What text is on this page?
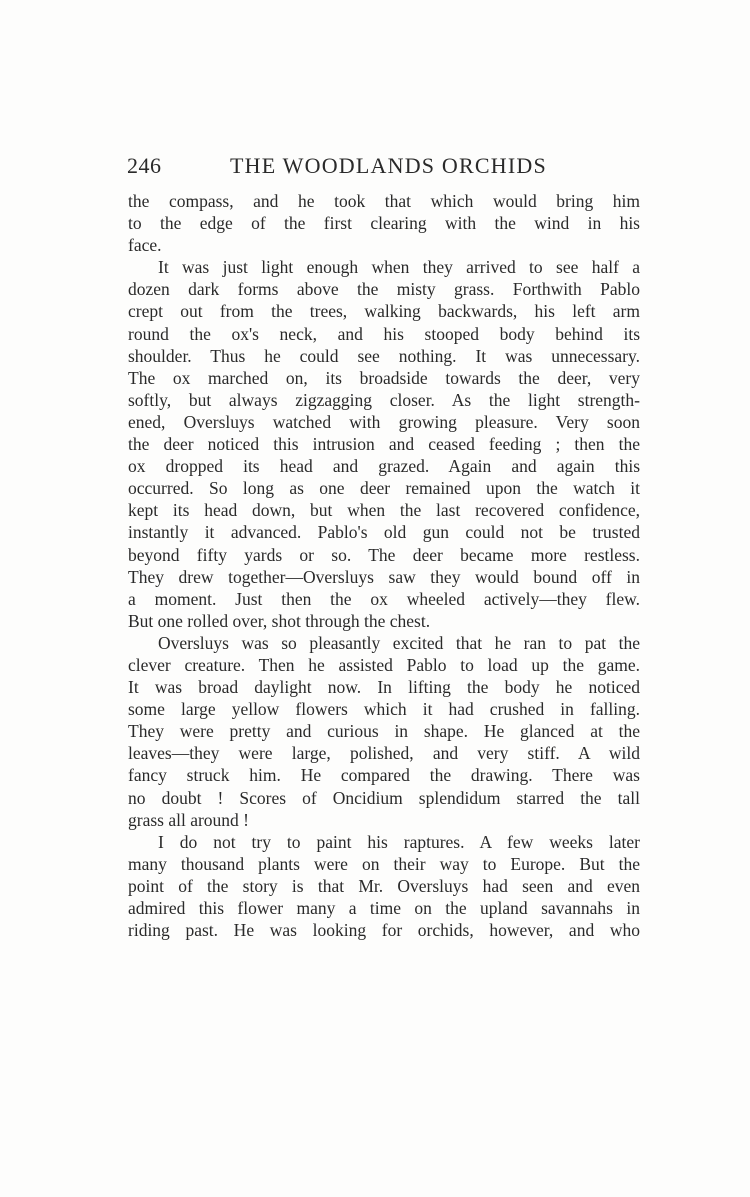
246	THE WOODLANDS ORCHIDS
the compass, and he took that which would bring him
to the edge of the first clearing with the wind in his
face.
It was just light enough when they arrived to see half a
dozen dark forms above the misty grass. Forthwith Pablo
crept out from the trees, walking backwards, his left arm
round the ox's neck, and his stooped body behind its
shoulder. Thus he could see nothing. It was unnecessary.
The ox marched on, its broadside towards the deer, very
softly, but always zigzagging closer. As the light strength-
ened, Oversluys watched with growing pleasure. Very soon
the deer noticed this intrusion and ceased feeding ; then the
ox dropped its head and grazed. Again and again this
occurred. So long as one deer remained upon the watch it
kept its head down, but when the last recovered confidence,
instantly it advanced. Pablo's old gun could not be trusted
beyond fifty yards or so. The deer became more restless.
They drew together—Oversluys saw they would bound off in
a moment. Just then the ox wheeled actively—they flew.
But one rolled over, shot through the chest.
Oversluys was so pleasantly excited that he ran to pat the
clever creature. Then he assisted Pablo to load up the game.
It was broad daylight now. In lifting the body he noticed
some large yellow flowers which it had crushed in falling.
They were pretty and curious in shape. He glanced at the
leaves—they were large, polished, and very stiff. A wild
fancy struck him. He compared the drawing. There was
no doubt ! Scores of Oncidium splendidum starred the tall
grass all around !
I do not try to paint his raptures. A few weeks later
many thousand plants were on their way to Europe. But the
point of the story is that Mr. Oversluys had seen and even
admired this flower many a time on the upland savannahs in
riding past. He was looking for orchids, however, and who
